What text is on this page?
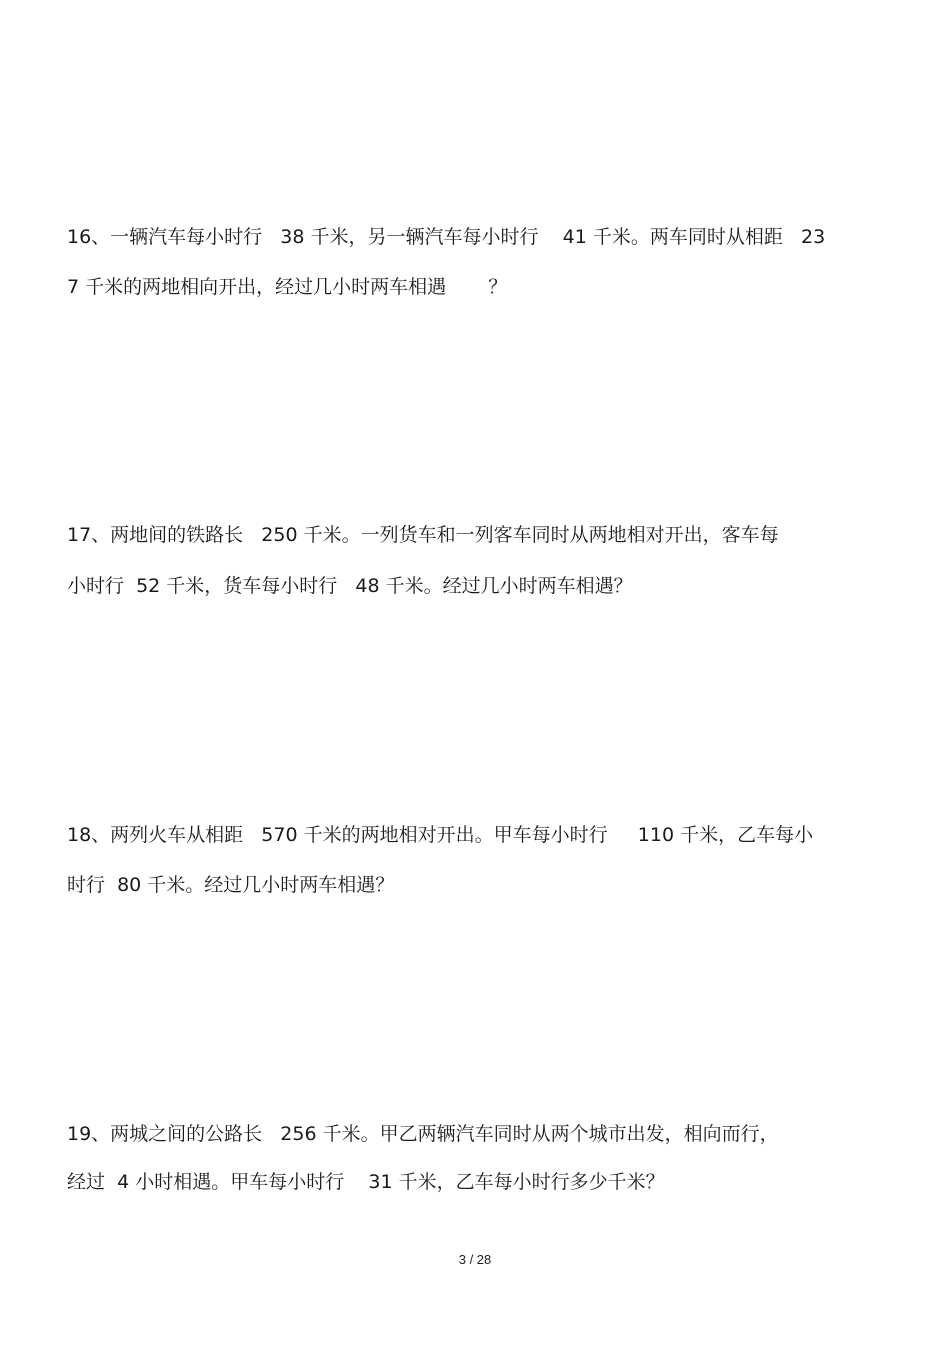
16、一辆汽车每小时行   38 千米，另一辆汽车每小时行    41 千米。两车同时从相距   23
7 千米的两地相向开出，经过几小时两车相遇       ？
17、两地间的铁路长   250 千米。一列货车和一列客车同时从两地相对开出，客车每
小时行  52 千米，货车每小时行   48 千米。经过几小时两车相遇？
18、两列火车从相距   570 千米的两地相对开出。甲车每小时行     110 千米，乙车每小
时行  80 千米。经过几小时两车相遇？
19、两城之间的公路长   256 千米。甲乙两辆汽车同时从两个城市出发，相向而行，
经过  4 小时相遇。甲车每小时行    31 千米，乙车每小时行多少千米？
3 / 28
